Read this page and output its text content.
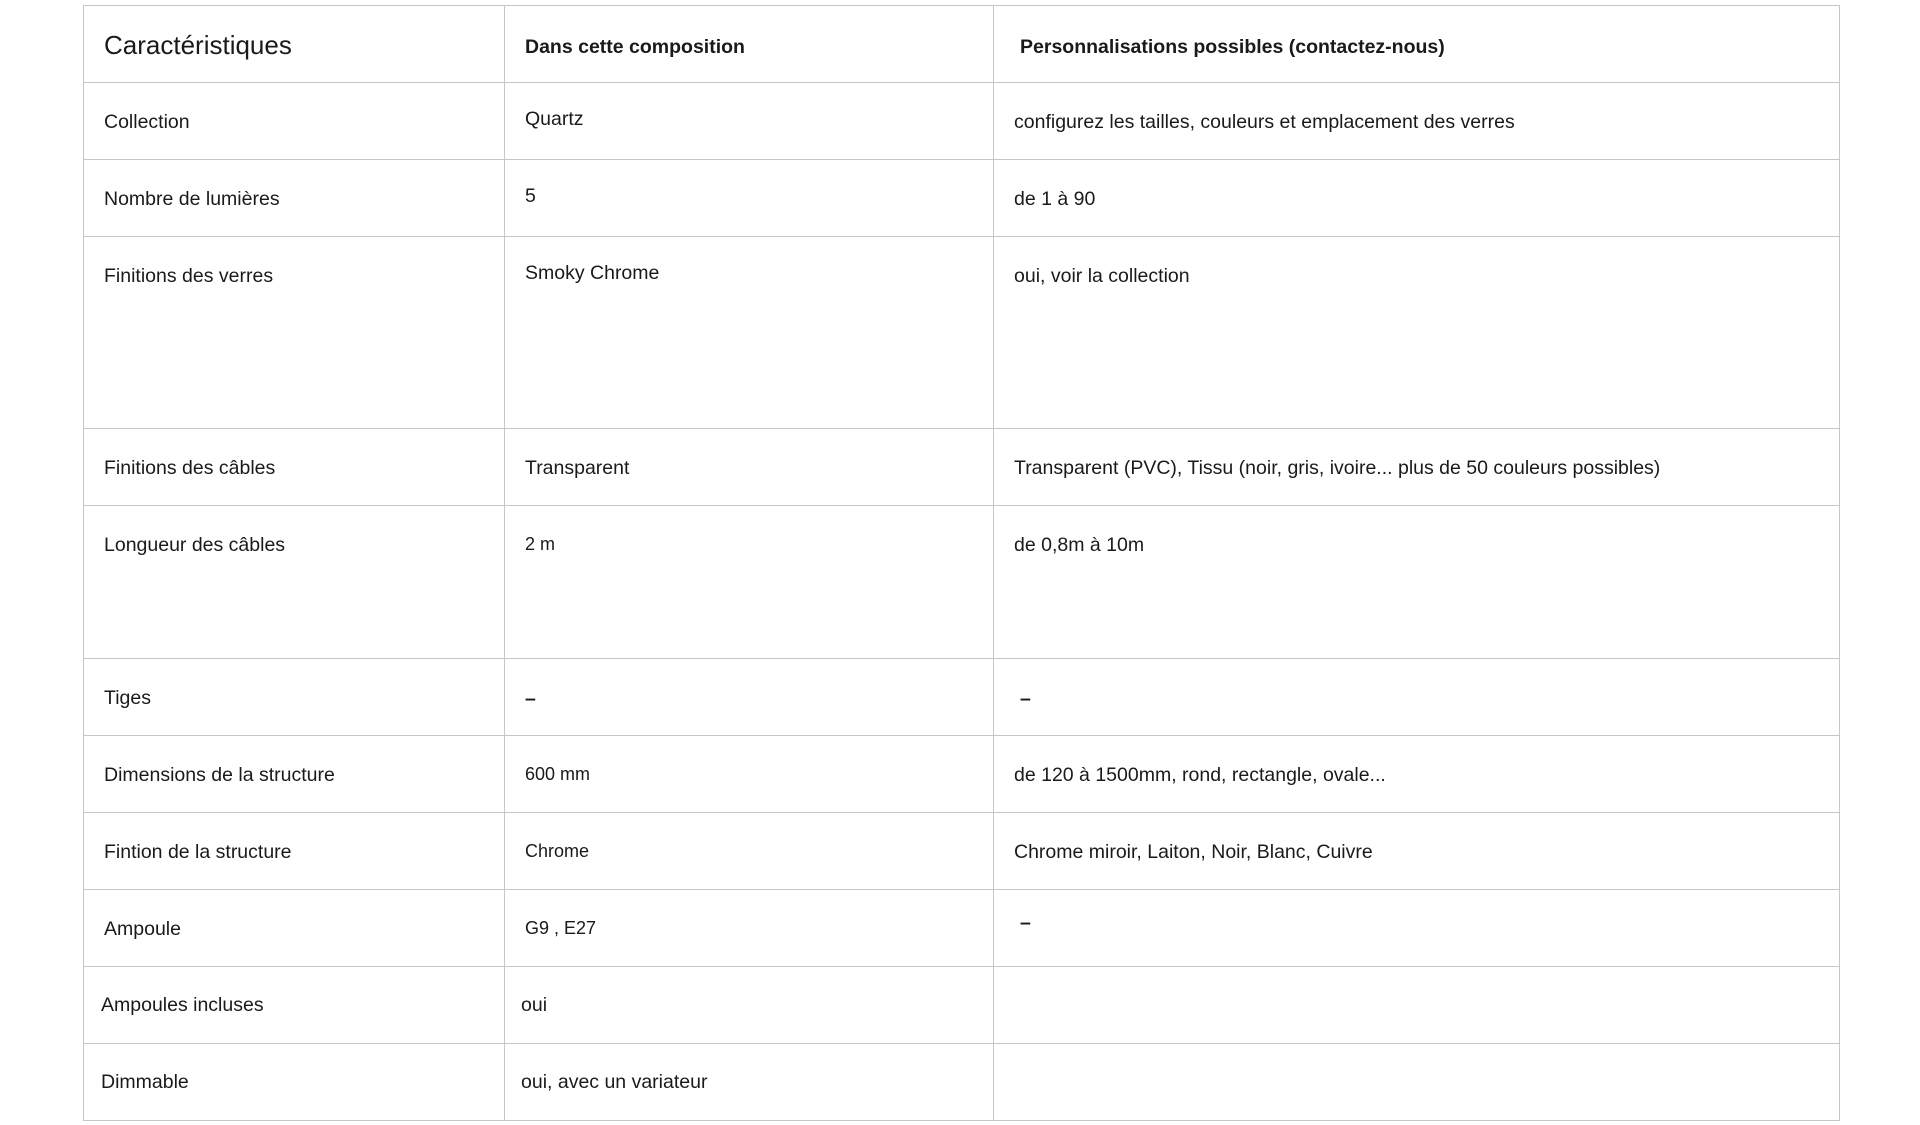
Caractéristiques	Dans cette composition	Personnalisations possibles (contactez-nous)
Collection	Quartz	configurez les tailles, couleurs et emplacement des verres
Nombre de lumières	5	de 1 à 90
Finitions des verres	Smoky Chrome	oui, voir la collection
Finitions des câbles	Transparent	Transparent (PVC), Tissu (noir, gris, ivoire... plus de 50 couleurs possibles)
Longueur des câbles	2 m	de 0,8m à 10m
Tiges	–	–
Dimensions de la structure	600 mm	de 120 à 1500mm, rond, rectangle, ovale...
Fintion de la structure	Chrome	Chrome miroir, Laiton, Noir, Blanc, Cuivre
Ampoule	G9 , E27	–
Ampoules incluses	oui	
Dimmable	oui, avec un variateur	
